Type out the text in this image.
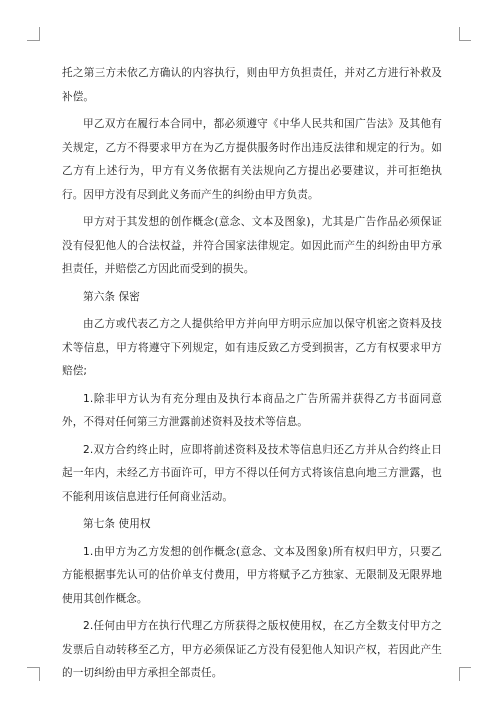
托之第三方未依乙方确认的内容执行，则由甲方负担责任，并对乙方进行补救及补偿。

甲乙双方在履行本合同中，都必须遵守《中华人民共和国广告法》及其他有关规定，乙方不得要求甲方在为乙方提供服务时作出违反法律和规定的行为。如乙方有上述行为，甲方有义务依据有关法规向乙方提出必要建议，并可拒绝执行。因甲方没有尽到此义务而产生的纠纷由甲方负责。

甲方对于其发想的创作概念(意念、文本及图象)，尤其是广告作品必须保证没有侵犯他人的合法权益，并符合国家法律规定。如因此而产生的纠纷由甲方承担责任，并赔偿乙方因此而受到的损失。

第六条 保密

由乙方或代表乙方之人提供给甲方并向甲方明示应加以保守机密之资料及技术等信息，甲方将遵守下列规定，如有违反致乙方受到损害，乙方有权要求甲方赔偿;

1.除非甲方认为有充分理由及执行本商品之广告所需并获得乙方书面同意外，不得对任何第三方泄露前述资料及技术等信息。

2.双方合约终止时，应即将前述资料及技术等信息归还乙方并从合约终止日起一年内，未经乙方书面许可，甲方不得以任何方式将该信息向地三方泄露，也不能利用该信息进行任何商业活动。

第七条 使用权

1.由甲方为乙方发想的创作概念(意念、文本及图象)所有权归甲方，只要乙方能根据事先认可的估价单支付费用，甲方将赋予乙方独家、无限制及无限界地使用其创作概念。

2.任何由甲方在执行代理乙方所获得之版权使用权，在乙方全数支付甲方之发票后自动转移至乙方，甲方必须保证乙方没有侵犯他人知识产权，若因此产生的一切纠纷由甲方承担全部责任。
